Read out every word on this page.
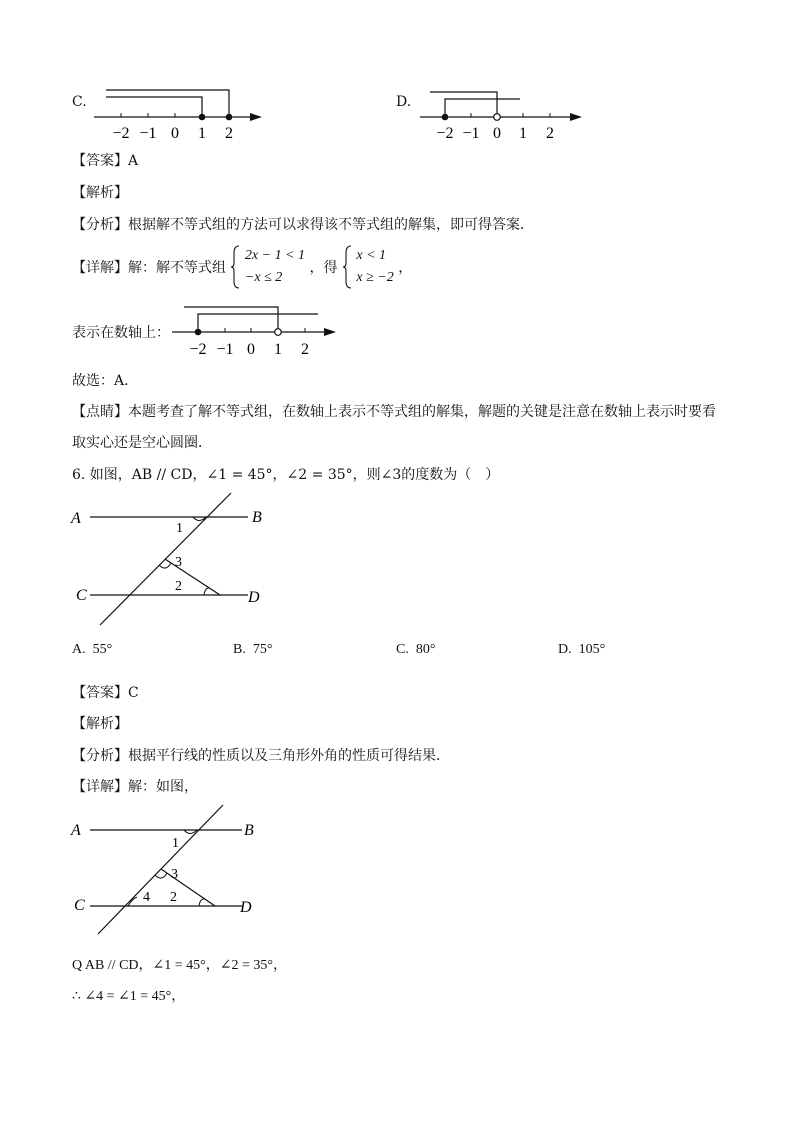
C.
−2 −1 0 1 2
D.
−2 −1 0 1 2
【答案】A
【解析】
【分析】根据解不等式组的方法可以求得该不等式组的解集，即可得答案．
【详解】解：解不等式组
2x − 1 < 1
−x ≤ 2
，得
x < 1
x ≥ −2
，
表示在数轴上：
−2 −1 0 1 2
故选：A．
【点睛】本题考查了解不等式组，在数轴上表示不等式组的解集，解题的关键是注意在数轴上表示时要看
取实心还是空心圆圈．
6. 如图，AB // CD，∠1 = 45°，∠2 = 35°，则∠3的度数为（　）
A	B
C	D
1
3
2
A. 55°	B. 75°	C. 80°	D. 105°
【答案】C
【解析】
【分析】根据平行线的性质以及三角形外角的性质可得结果．
【详解】解：如图，
A	B
C	D
1
3
2
4
Q AB // CD，∠1 = 45°，∠2 = 35°，
∴ ∠4 = ∠1 = 45°，
